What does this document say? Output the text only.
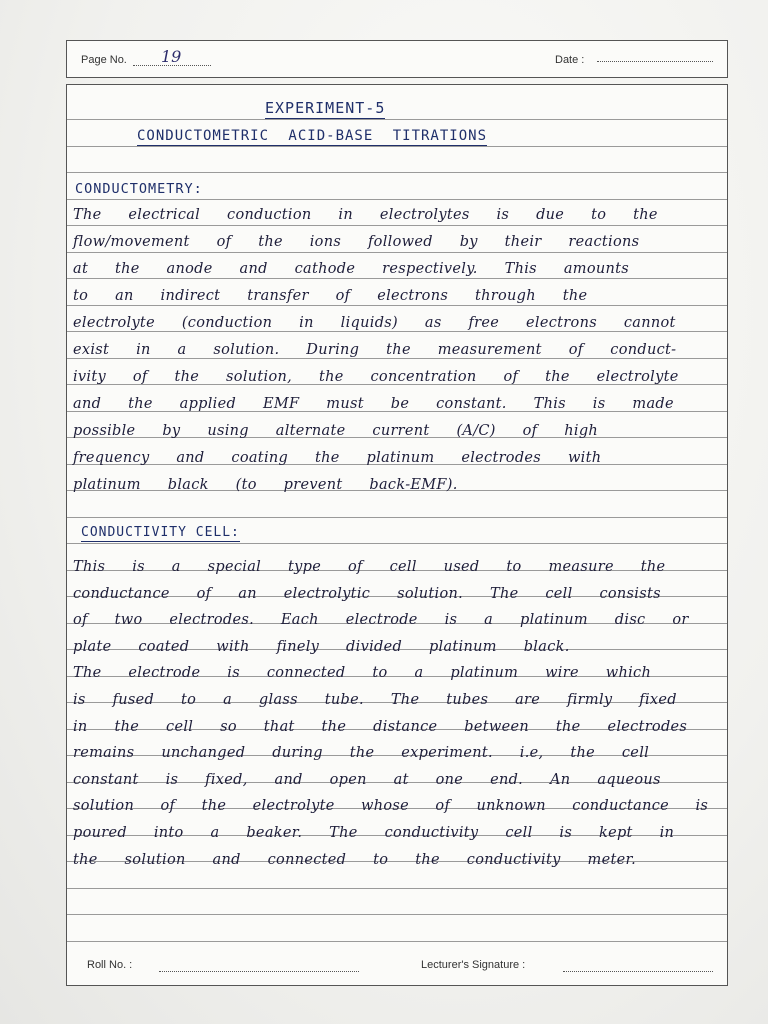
Page No. 19	Date :
EXPERIMENT-5
CONDUCTOMETRIC ACID-BASE TITRATIONS
CONDUCTOMETRY:
The electrical conduction in electrolytes is due to the
flow/movement of the ions followed by their reactions
at the anode and cathode respectively. This amounts
to an indirect transfer of electrons through the
electrolyte (conduction in liquids) as free electrons cannot
exist in a solution. During the measurement of conduct-
ivity of the solution, the concentration of the electrolyte
and the applied EMF must be constant. This is made
possible by using alternate current (A/C) of high
frequency and coating the platinum electrodes with
platinum black (to prevent back-EMF).
CONDUCTIVITY CELL:
This is a special type of cell used to measure the
conductance of an electrolytic solution. The cell consists
of two electrodes. Each electrode is a platinum disc or
plate coated with finely divided platinum black.
The electrode is connected to a platinum wire which
is fused to a glass tube. The tubes are firmly fixed
in the cell so that the distance between the electrodes
remains unchanged during the experiment. i.e, the cell
constant is fixed, and open at one end. An aqueous
solution of the electrolyte whose of unknown conductance is
poured into a beaker. The conductivity cell is kept in
the solution and connected to the conductivity meter.
Roll No. :	Lecturer's Signature :
